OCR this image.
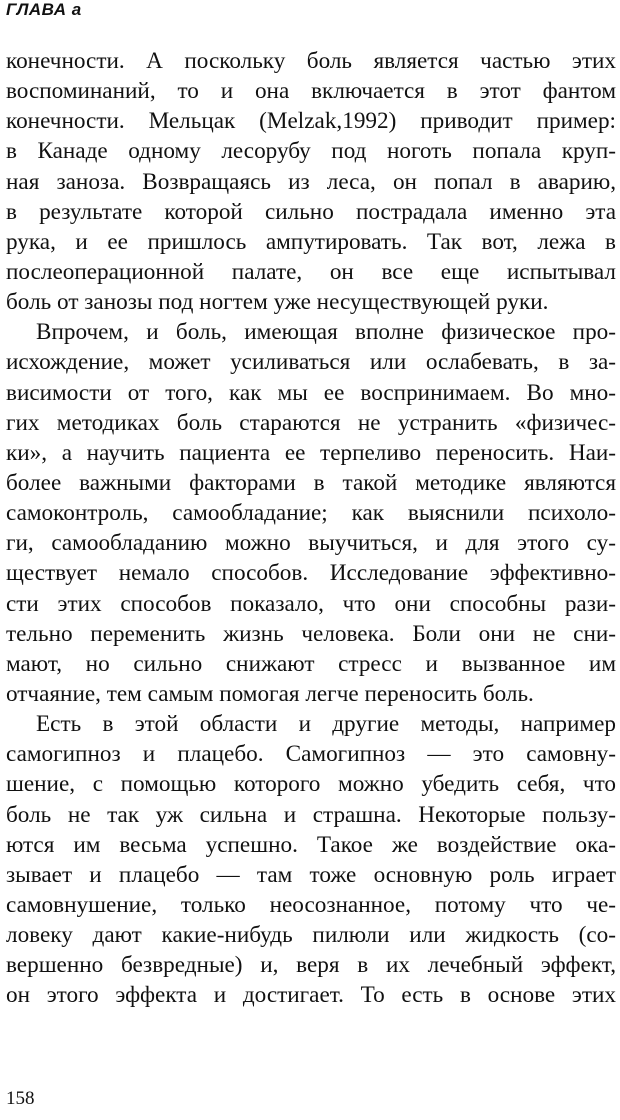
ГЛАВА а
конечности. А поскольку боль является частью этих
воспоминаний, то и она включается в этот фантом
конечности. Мельцак (Melzak,1992) приводит пример:
в Канаде одному лесорубу под ноготь попала круп-
ная заноза. Возвращаясь из леса, он попал в аварию,
в результате которой сильно пострадала именно эта
рука, и ее пришлось ампутировать. Так вот, лежа в
послеоперационной палате, он все еще испытывал
боль от занозы под ногтем уже несуществующей руки.
Впрочем, и боль, имеющая вполне физическое про-
исхождение, может усиливаться или ослабевать, в за-
висимости от того, как мы ее воспринимаем. Во мно-
гих методиках боль стараются не устранить «физичес-
ки», а научить пациента ее терпеливо переносить. Наи-
более важными факторами в такой методике являются
самоконтроль, самообладание; как выяснили психоло-
ги, самообладанию можно выучиться, и для этого су-
ществует немало способов. Исследование эффективно-
сти этих способов показало, что они способны рази-
тельно переменить жизнь человека. Боли они не сни-
мают, но сильно снижают стресс и вызванное им
отчаяние, тем самым помогая легче переносить боль.
Есть в этой области и другие методы, например
самогипноз и плацебо. Самогипноз — это самовну-
шение, с помощью которого можно убедить себя, что
боль не так уж сильна и страшна. Некоторые пользу-
ются им весьма успешно. Такое же воздействие ока-
зывает и плацебо — там тоже основную роль играет
самовнушение, только неосознанное, потому что че-
ловеку дают какие-нибудь пилюли или жидкость (со-
вершенно безвредные) и, веря в их лечебный эффект,
он этого эффекта и достигает. То есть в основе этих
158
